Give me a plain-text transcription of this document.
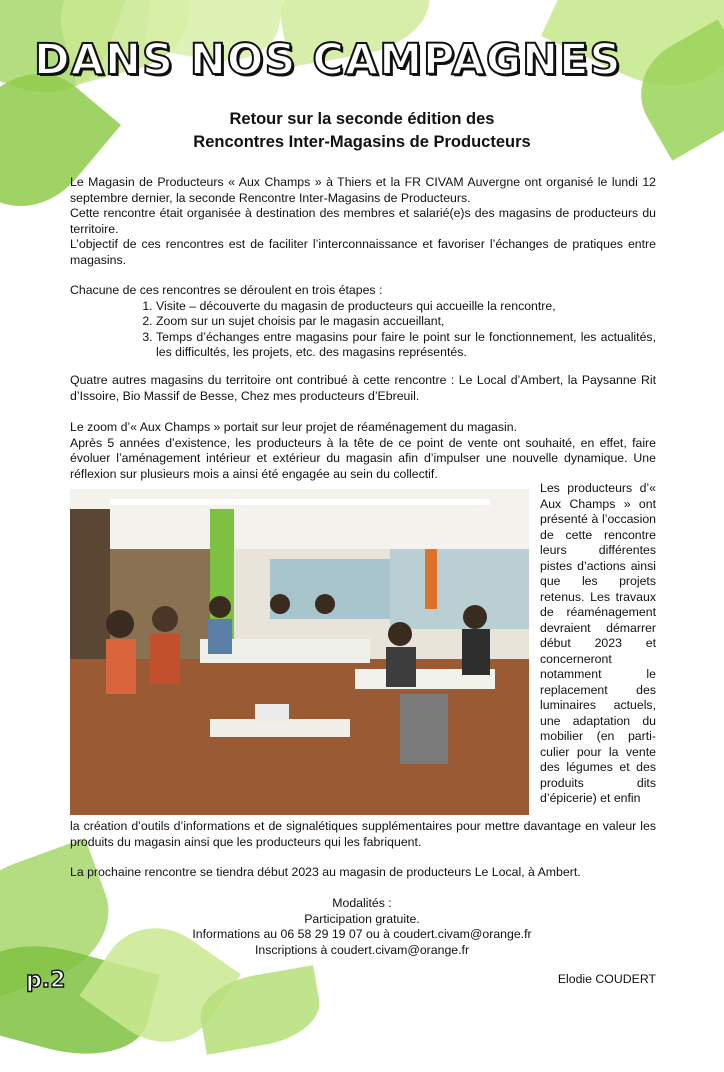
DANS NOS CAMPAGNES
Retour sur la seconde édition des
Rencontres Inter-Magasins de Producteurs

Le Magasin de Producteurs « Aux Champs » à Thiers et la FR CIVAM Auvergne ont organisé le lundi 12 septembre dernier, la seconde Rencontre Inter-Magasins de Producteurs.

Cette rencontre était organisée à destination des membres et salarié(e)s des magasins de producteurs du territoire.

L’objectif de ces rencontres est de faciliter l’interconnaissance et favoriser l’échanges de pratiques entre magasins.

Chacune de ces rencontres se déroulent en trois étapes :

1. Visite – découverte du magasin de producteurs qui accueille la rencontre,
2. Zoom sur un sujet choisis par le magasin accueillant,
3. Temps d’échanges entre magasins pour faire le point sur le fonctionnement, les actualités, les difficultés, les projets, etc. des magasins représentés.
Quatre autres magasins du territoire ont contribué à cette rencontre : Le Local d’Ambert, la Paysanne Rit d’Issoire, Bio Massif de Besse, Chez mes producteurs d’Ebreuil.

Le zoom d’« Aux Champs » portait sur leur projet de réaménagement du magasin.

Après 5 années d’existence, les producteurs à la tête de ce point de vente ont souhaité, en effet, faire évoluer l’aménagement intérieur et extérieur du magasin afin d’impulser une nouvelle dynamique. Une réflexion sur plusieurs mois a ainsi été engagée au sein du collectif.

Les producteurs d’« Aux Champs » ont présenté à l’occasion de cette rencontre leurs différentes pistes d’actions ainsi que les projets retenus. Les travaux de réaménagement devraient démarrer début 2023 et concerneront notamment le replacement des luminaires actuels, une adaptation du mobilier (en parti-culier pour la vente des légumes et des produits dits d’épicerie) et enfin
la création d’outils d’informations et de signalétiques supplémentaires pour mettre davantage en valeur les produits du magasin ainsi que les producteurs qui les fabriquent.
La prochaine rencontre se tiendra début 2023 au magasin de producteurs Le Local, à Ambert.
Modalités :
Participation gratuite.
Informations au 06 58 29 19 07 ou à coudert.civam@orange.fr
Inscriptions à coudert.civam@orange.fr
p.2	Elodie COUDERT
